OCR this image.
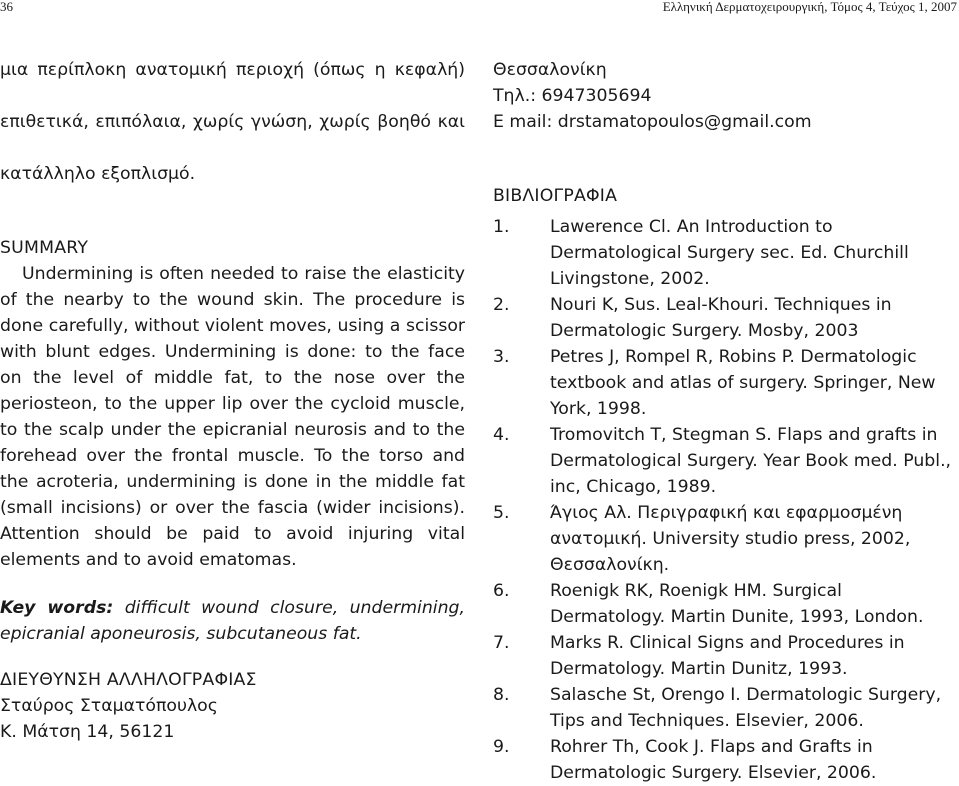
36	Ελληνική Δερματοχειρουργική, Τόμος 4, Τεύχος 1, 2007

μια περίπλοκη ανατομική περιοχή (όπως η κεφαλή)
επιθετικά, επιπόλαια, χωρίς γνώση, χωρίς βοηθό και
κατάλληλο εξοπλισμό.

SUMMARY

Undermining is often needed to raise the elasticity of the nearby to the wound skin. The procedure is done carefully, without violent moves, using a scissor with blunt edges. Undermining is done: to the face on the level of middle fat, to the nose over the periosteon, to the upper lip over the cycloid muscle, to the scalp under the epicranial neurosis and to the forehead over the frontal muscle. To the torso and the acroteria, undermining is done in the middle fat (small incisions) or over the fascia (wider incisions). Attention should be paid to avoid injuring vital elements and to avoid ematomas.

Key words: difficult wound closure, undermining, epicranial aponeurosis, subcutaneous fat.

ΔΙΕΥΘΥΝΣΗ ΑΛΛΗΛΟΓΡΑΦΙΑΣ

Σταύρος Σταματόπουλος

Κ. Μάτση 14, 56121

Θεσσαλονίκη

Τηλ.: 6947305694

E mail: drstamatopoulos@gmail.com

ΒΙΒΛΙΟΓΡΑΦΙΑ
1. Lawerence Cl. An Introduction to Dermatological Surgery sec. Ed. Churchill Livingstone, 2002.
2. Nouri K, Sus. Leal-Khouri. Techniques in Dermatologic Surgery. Mosby, 2003
3. Petres J, Rompel R, Robins P. Dermatologic textbook and atlas of surgery. Springer, New York, 1998.
4. Tromovitch T, Stegman S. Flaps and grafts in Dermatological Surgery. Year Book med. Publ., inc, Chicago, 1989.
5. Άγιος Αλ. Περιγραφική και εφαρμοσμένη ανατομική. University studio press, 2002, Θεσσαλονίκη.
6. Roenigk RK, Roenigk HM. Surgical Dermatology. Martin Dunite, 1993, London.
7. Marks R. Clinical Signs and Procedures in Dermatology. Martin Dunitz, 1993.
8. Salasche St, Orengo I. Dermatologic Surgery, Tips and Techniques. Elsevier, 2006.
9. Rohrer Th, Cook J. Flaps and Grafts in Dermatologic Surgery. Elsevier, 2006.
